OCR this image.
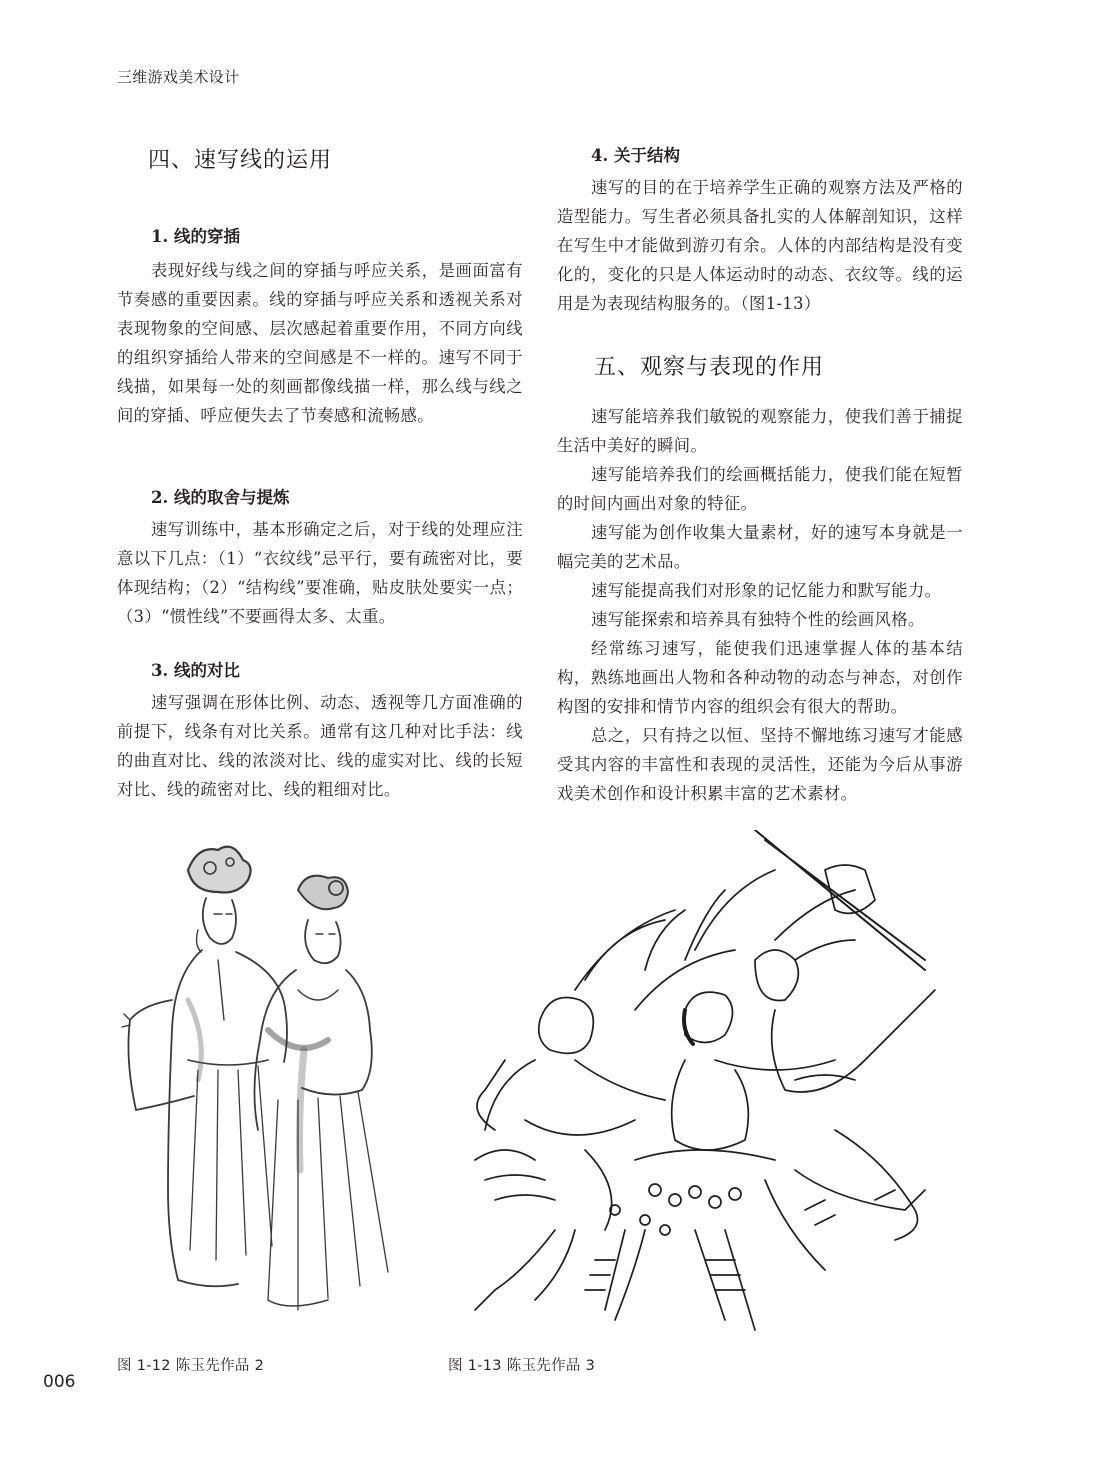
三维游戏美术设计
四、速写线的运用
1. 线的穿插

表现好线与线之间的穿插与呼应关系，是画面富有节奏感的重要因素。线的穿插与呼应关系和透视关系对表现物象的空间感、层次感起着重要作用，不同方向线的组织穿插给人带来的空间感是不一样的。速写不同于线描，如果每一处的刻画都像线描一样，那么线与线之间的穿插、呼应便失去了节奏感和流畅感。

2. 线的取舍与提炼

速写训练中，基本形确定之后，对于线的处理应注意以下几点：（1）“衣纹线”忌平行，要有疏密对比，要体现结构；（2）“结构线”要准确，贴皮肤处要实一点；（3）“惯性线”不要画得太多、太重。

3. 线的对比

速写强调在形体比例、动态、透视等几方面准确的前提下，线条有对比关系。通常有这几种对比手法：线的曲直对比、线的浓淡对比、线的虚实对比、线的长短对比、线的疏密对比、线的粗细对比。

4. 关于结构

速写的目的在于培养学生正确的观察方法及严格的造型能力。写生者必须具备扎实的人体解剖知识，这样在写生中才能做到游刃有余。人体的内部结构是没有变化的，变化的只是人体运动时的动态、衣纹等。线的运用是为表现结构服务的。（图1-13）

五、观察与表现的作用

速写能培养我们敏锐的观察能力，使我们善于捕捉生活中美好的瞬间。

速写能培养我们的绘画概括能力，使我们能在短暂的时间内画出对象的特征。

速写能为创作收集大量素材，好的速写本身就是一幅完美的艺术品。

速写能提高我们对形象的记忆能力和默写能力。

速写能探索和培养具有独特个性的绘画风格。

经常练习速写，能使我们迅速掌握人体的基本结构，熟练地画出人物和各种动物的动态与神态，对创作构图的安排和情节内容的组织会有很大的帮助。

总之，只有持之以恒、坚持不懈地练习速写才能感受其内容的丰富性和表现的灵活性，还能为今后从事游戏美术创作和设计积累丰富的艺术素材。

图 1-12 陈玉先作品 2	图 1-13 陈玉先作品 3
006
